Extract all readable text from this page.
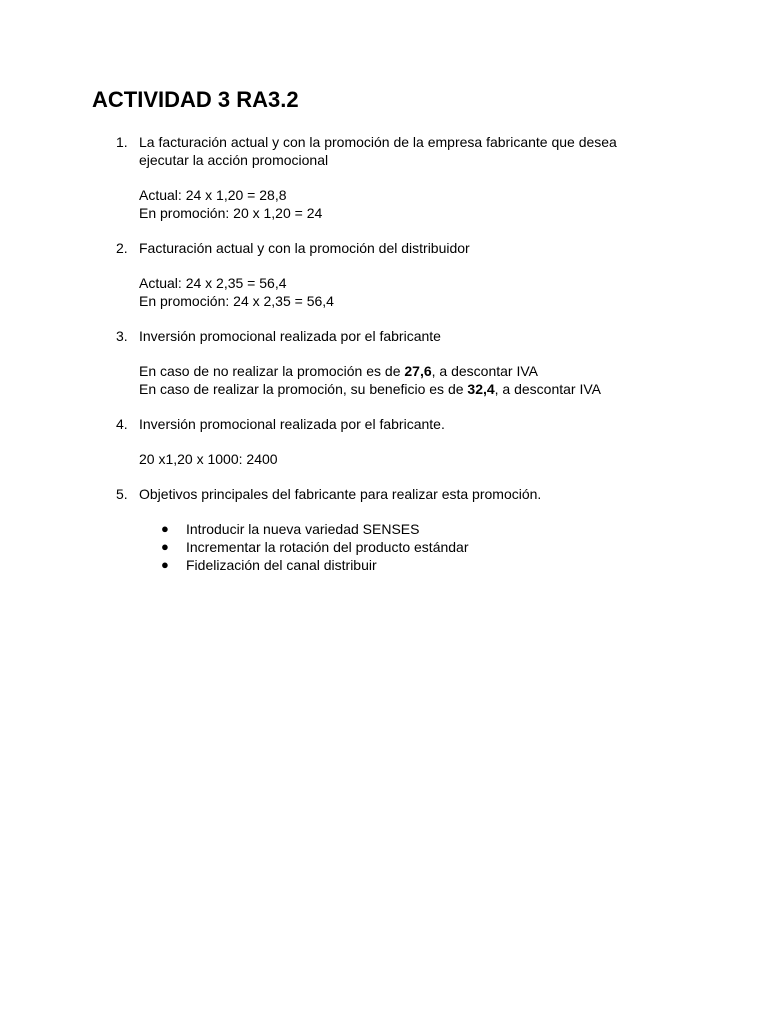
ACTIVIDAD 3 RA3.2
1. La facturación actual y con la promoción de la empresa fabricante que desea
ejecutar la acción promocional
Actual: 24 x 1,20 = 28,8
En promoción: 20 x 1,20 = 24
2. Facturación actual y con la promoción del distribuidor
Actual: 24 x 2,35 = 56,4
En promoción: 24 x 2,35 = 56,4
3. Inversión promocional realizada por el fabricante
En caso de no realizar la promoción es de 27,6, a descontar IVA
En caso de realizar la promoción, su beneficio es de 32,4, a descontar IVA
4. Inversión promocional realizada por el fabricante.
20 x1,20 x 1000: 2400
5. Objetivos principales del fabricante para realizar esta promoción.
● Introducir la nueva variedad SENSES
● Incrementar la rotación del producto estándar
● Fidelización del canal distribuir
